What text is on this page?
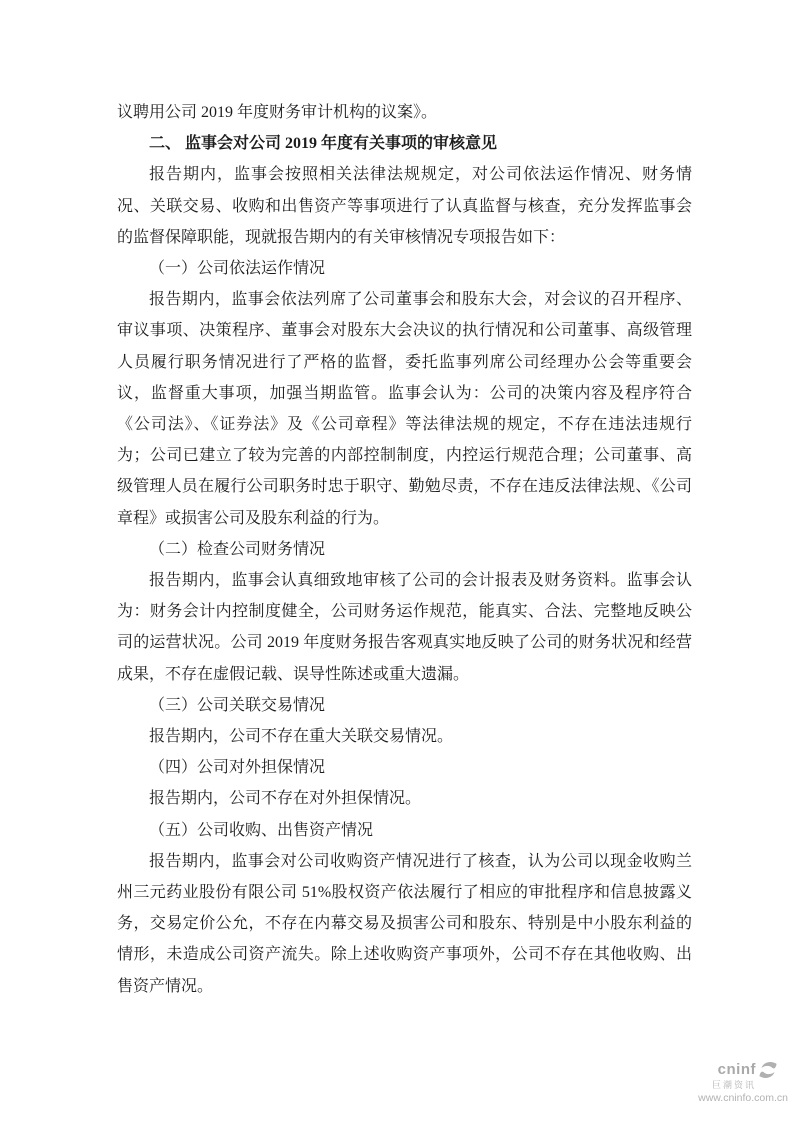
议聘用公司 2019 年度财务审计机构的议案》。

二、 监事会对公司 2019 年度有关事项的审核意见

报告期内，监事会按照相关法律法规规定，对公司依法运作情况、财务情况、关联交易、收购和出售资产等事项进行了认真监督与核查，充分发挥监事会的监督保障职能，现就报告期内的有关审核情况专项报告如下：

（一）公司依法运作情况

报告期内，监事会依法列席了公司董事会和股东大会，对会议的召开程序、审议事项、决策程序、董事会对股东大会决议的执行情况和公司董事、高级管理人员履行职务情况进行了严格的监督，委托监事列席公司经理办公会等重要会议，监督重大事项，加强当期监管。监事会认为：公司的决策内容及程序符合《公司法》、《证券法》及《公司章程》等法律法规的规定，不存在违法违规行为；公司已建立了较为完善的内部控制制度，内控运行规范合理；公司董事、高级管理人员在履行公司职务时忠于职守、勤勉尽责，不存在违反法律法规、《公司章程》或损害公司及股东利益的行为。

（二）检查公司财务情况

报告期内，监事会认真细致地审核了公司的会计报表及财务资料。监事会认为：财务会计内控制度健全，公司财务运作规范，能真实、合法、完整地反映公司的运营状况。公司 2019 年度财务报告客观真实地反映了公司的财务状况和经营成果，不存在虚假记载、误导性陈述或重大遗漏。

（三）公司关联交易情况

报告期内，公司不存在重大关联交易情况。

（四）公司对外担保情况

报告期内，公司不存在对外担保情况。

（五）公司收购、出售资产情况

报告期内，监事会对公司收购资产情况进行了核查，认为公司以现金收购兰州三元药业股份有限公司 51%股权资产依法履行了相应的审批程序和信息披露义务，交易定价公允，不存在内幕交易及损害公司和股东、特别是中小股东利益的情形，未造成公司资产流失。除上述收购资产事项外，公司不存在其他收购、出售资产情况。

cninf
巨潮资讯
www.cninfo.com.cn
